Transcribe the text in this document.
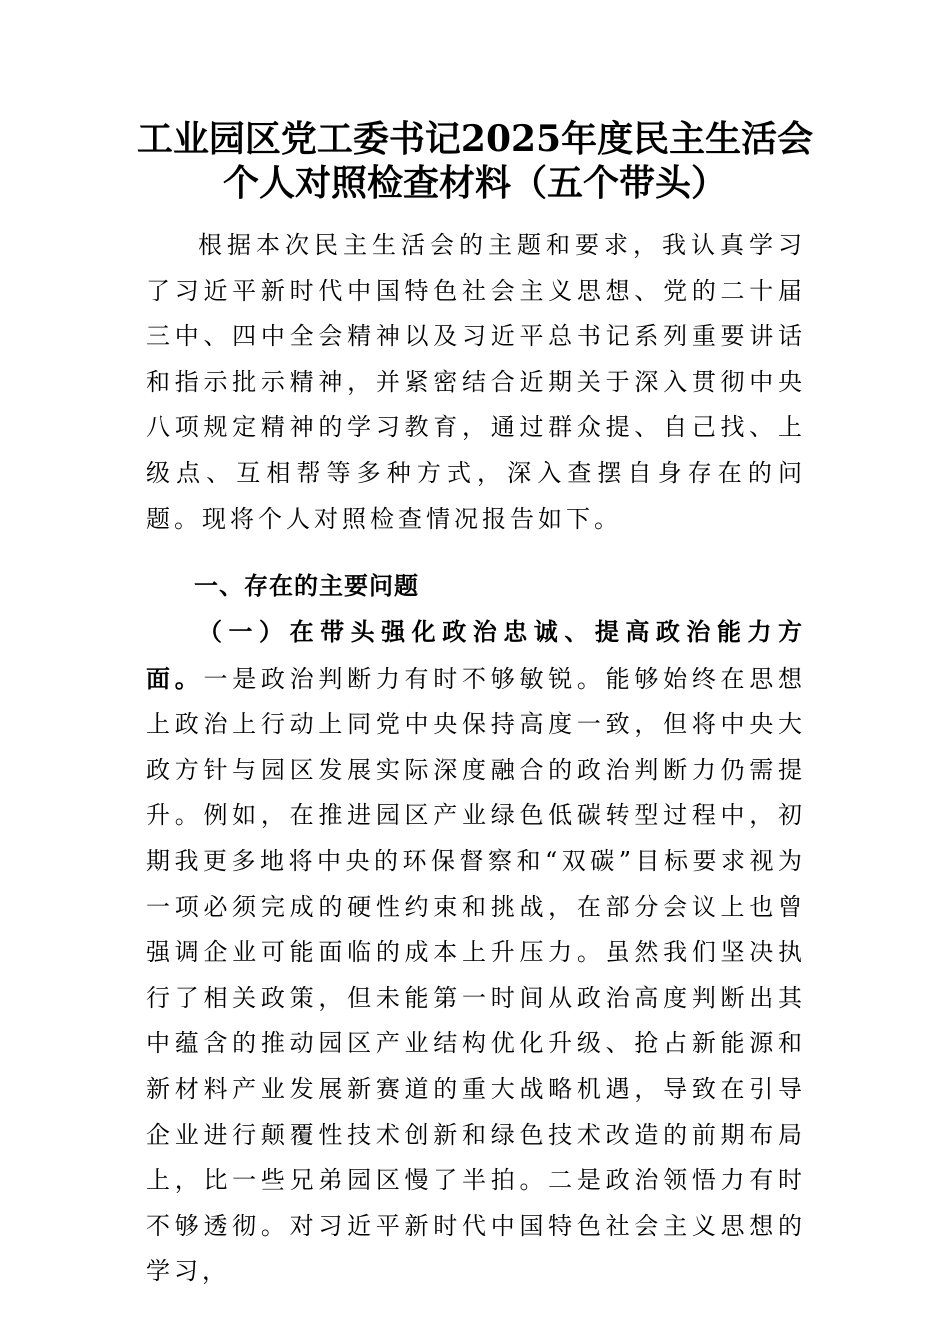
工业园区党工委书记2025年度民主生活会
个人对照检查材料（五个带头）

根据本次民主生活会的主题和要求，我认真学习了习近平新时代中国特色社会主义思想、党的二十届三中、四中全会精神以及习近平总书记系列重要讲话和指示批示精神，并紧密结合近期关于深入贯彻中央八项规定精神的学习教育，通过群众提、自己找、上级点、互相帮等多种方式，深入查摆自身存在的问题。现将个人对照检查情况报告如下。

一、存在的主要问题

（一）在带头强化政治忠诚、提高政治能力方面。一是政治判断力有时不够敏锐。能够始终在思想上政治上行动上同党中央保持高度一致，但将中央大政方针与园区发展实际深度融合的政治判断力仍需提升。例如，在推进园区产业绿色低碳转型过程中，初期我更多地将中央的环保督察和“双碳”目标要求视为一项必须完成的硬性约束和挑战，在部分会议上也曾强调企业可能面临的成本上升压力。虽然我们坚决执行了相关政策，但未能第一时间从政治高度判断出其中蕴含的推动园区产业结构优化升级、抢占新能源和新材料产业发展新赛道的重大战略机遇，导致在引导企业进行颠覆性技术创新和绿色技术改造的前期布局上，比一些兄弟园区慢了半拍。二是政治领悟力有时不够透彻。对习近平新时代中国特色社会主义思想的学习，
